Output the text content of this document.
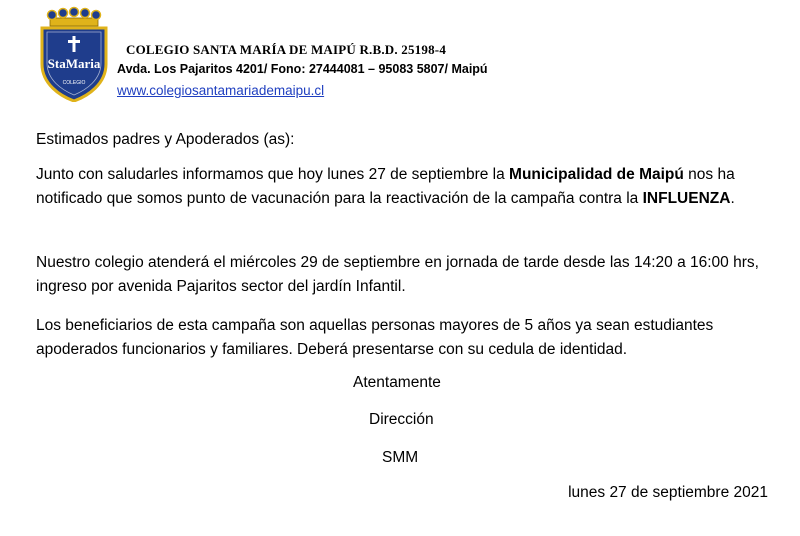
StaMaria
COLEGIO
COLEGIO SANTA MARÍA DE MAIPÚ R.B.D. 25198-4
Avda. Los Pajaritos 4201/ Fono: 27444081 – 95083 5807/ Maipú
www.colegiosantamariademaipu.cl

Estimados padres y Apoderados (as):

Junto con saludarles informamos que hoy lunes 27 de septiembre la Municipalidad de Maipú nos ha notificado que somos punto de vacunación para la reactivación de la campaña contra la INFLUENZA.

Nuestro colegio atenderá el miércoles 29 de septiembre en jornada de tarde desde las 14:20 a 16:00 hrs, ingreso por avenida Pajaritos sector del jardín Infantil.

Los beneficiarios de esta campaña son aquellas personas mayores de 5 años ya sean estudiantes apoderados funcionarios y familiares. Deberá presentarse con su cedula de identidad.

Atentamente
Dirección
SMM
lunes 27 de septiembre 2021
